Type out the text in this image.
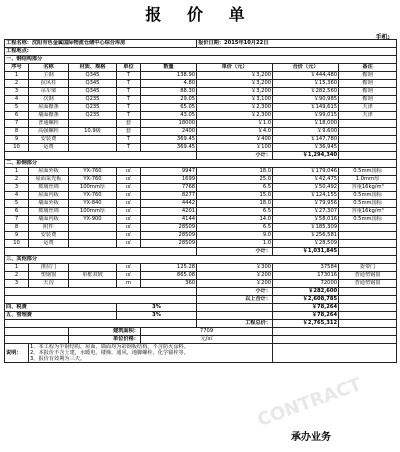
报 价 单
手机:
CONTRACT
工程名称：沈阳有色金属国际物流仓储中心综合库房					报价日期：2015年10月22日		
工程地点:							
一、钢结构部分							
序号	名称	材质、规格	单位	数量	单价（元）	合价（元）	备注
1	主钢	Q345	T	138.90	￥3,200	￥444,480	鞍钢
2	抗风柱	Q345	T	4.80	￥3,200	￥15,360	鞍钢
3	吊车梁	Q345	T	88.30	￥3,200	￥282,560	鞍钢
4	次钢	Q235	T	29.05	￥3,100	￥90,985	鞍钢
5	屋面檩条	Q235	T	65.05	￥2,300	￥149,615	天津
6	墙面檩条	Q235	T	43.05	￥2,300	￥99,015	天津
7	普通螺栓		套	18000	￥1.0	￥18,000	
8	高强螺栓	10.9级	套	2400	￥4.0	￥9,600	
9	安装费		T	369.45	￥400	￥147,780	
10	运费		T	369.45	￥100	￥36,945	
					小计：	￥1,294,340	
二、彩钢部分							
1	屋面外板	YX-760	㎡	9947	18.0	￥179,046	0.5mm国标
2	屋面采光板	YX-760	㎡	1699	25.0	￥42,475	1.0mm厚
3	玻璃丝绵	100mm厚	㎡	7768	6.5	￥50,492	容重16kg/m³
4	屋面内板	YX-760	㎡	8277	15.0	￥124,155	0.5mm国标
5	墙面外板	YX-840	㎡	4442	18.0	￥79,956	0.5mm国标
6	玻璃丝绵	100mm厚	㎡	4201	6.5	￥27,307	容重16kg/m³
7	墙面内板	YX-900	㎡	4144	14.0	￥58,016	0.5mm国标
8	附件		㎡	28509	6.5	￥185,309	
9	安装费		㎡	28509	9.0	￥256,581	
10	运费		㎡	28509	1.0	￥28,509	
					小计：	￥1,031,845	
三、其他部分							
1	推拉门		㎡	125.28	￥300	37584	委带门
2	塑钢窗	单框双玻	㎡	865.08	￥200	173016	普通塑钢窗
3	天沟		m	360	￥200	72000	普通塑钢窗
					小计：	￥282,600	
					以上合计：	￥2,608,785	
四、税费			3%			￥78,264	
五、管理费			3%			￥78,264	
					工程总价：	￥2,765,312	
		建筑面积：		7709			
		单位价格：		元/㎡			
说明：	1、本工程为半钢结构，屋面、墙面均为彩钢板结构，不含防火涂料。
2、本报价不含土建，水暖电，楼梯，通风，地脚螺栓，化学锚栓等。
3、报价有效期为三天。						

承办业务
